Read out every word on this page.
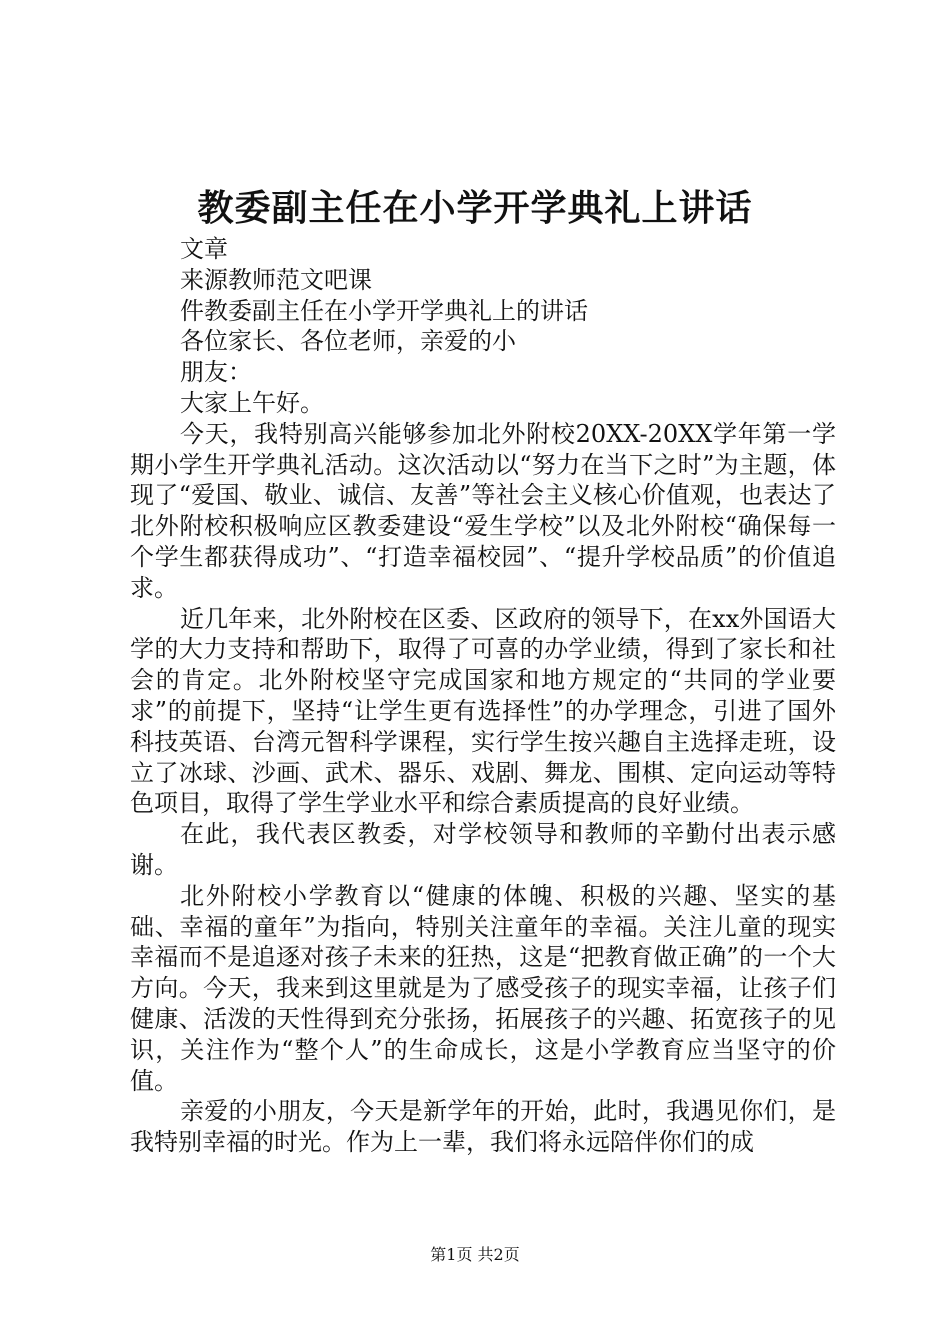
教委副主任在小学开学典礼上讲话
文章
来源教师范文吧课
件教委副主任在小学开学典礼上的讲话
各位家长、各位老师，亲爱的小
朋友：
大家上午好。

今天，我特别高兴能够参加北外附校20XX-20XX学年第一学期小学生开学典礼活动。这次活动以“努力在当下之时”为主题，体现了“爱国、敬业、诚信、友善”等社会主义核心价值观，也表达了北外附校积极响应区教委建设“爱生学校”以及北外附校“确保每一个学生都获得成功”、“打造幸福校园”、“提升学校品质”的价值追求。

近几年来，北外附校在区委、区政府的领导下，在xx外国语大学的大力支持和帮助下，取得了可喜的办学业绩，得到了家长和社会的肯定。北外附校坚守完成国家和地方规定的“共同的学业要求”的前提下，坚持“让学生更有选择性”的办学理念，引进了国外科技英语、台湾元智科学课程，实行学生按兴趣自主选择走班，设立了冰球、沙画、武术、器乐、戏剧、舞龙、围棋、定向运动等特色项目，取得了学生学业水平和综合素质提高的良好业绩。

在此，我代表区教委，对学校领导和教师的辛勤付出表示感谢。

北外附校小学教育以“健康的体魄、积极的兴趣、坚实的基础、幸福的童年”为指向，特别关注童年的幸福。关注儿童的现实幸福而不是追逐对孩子未来的狂热，这是“把教育做正确”的一个大方向。今天，我来到这里就是为了感受孩子的现实幸福，让孩子们健康、活泼的天性得到充分张扬，拓展孩子的兴趣、拓宽孩子的见识，关注作为“整个人”的生命成长，这是小学教育应当坚守的价值。

亲爱的小朋友，今天是新学年的开始，此时，我遇见你们，是我特别幸福的时光。作为上一辈，我们将永远陪伴你们的成

第1页 共2页
